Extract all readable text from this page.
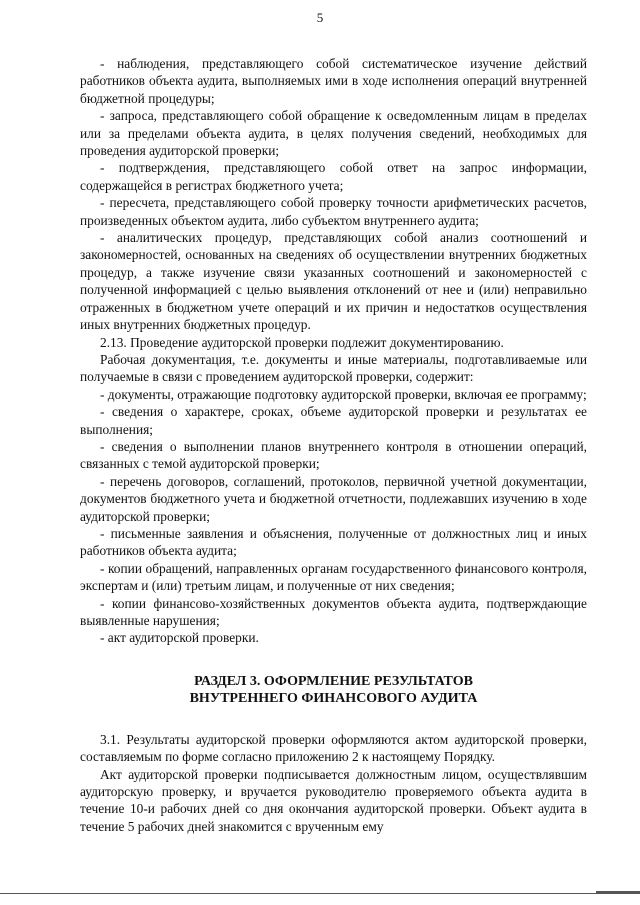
5

- наблюдения, представляющего собой систематическое изучение действий работников объекта аудита, выполняемых ими в ходе исполнения операций внутренней бюджетной процедуры;

- запроса, представляющего собой обращение к осведомленным лицам в пределах или за пределами объекта аудита, в целях получения сведений, необходимых для проведения аудиторской проверки;

- подтверждения, представляющего собой ответ на запрос информации, содержащейся в регистрах бюджетного учета;

- пересчета, представляющего собой проверку точности арифметических расчетов, произведенных объектом аудита, либо субъектом внутреннего аудита;

- аналитических процедур, представляющих собой анализ соотношений и закономерностей, основанных на сведениях об осуществлении внутренних бюджетных процедур, а также изучение связи указанных соотношений и закономерностей с полученной информацией с целью выявления отклонений от нее и (или) неправильно отраженных в бюджетном учете операций и их причин и недостатков осуществления иных внутренних бюджетных процедур.

2.13. Проведение аудиторской проверки подлежит документированию.

Рабочая документация, т.е. документы и иные материалы, подготавливаемые или получаемые в связи с проведением аудиторской проверки, содержит:

- документы, отражающие подготовку аудиторской проверки, включая ее программу;

- сведения о характере, сроках, объеме аудиторской проверки и результатах ее выполнения;

- сведения о выполнении планов внутреннего контроля в отношении операций, связанных с темой аудиторской проверки;

- перечень договоров, соглашений, протоколов, первичной учетной документации, документов бюджетного учета и бюджетной отчетности, подлежавших изучению в ходе аудиторской проверки;

- письменные заявления и объяснения, полученные от должностных лиц и иных работников объекта аудита;

- копии обращений, направленных органам государственного финансового контроля, экспертам и (или) третьим лицам, и полученные от них сведения;

- копии финансово-хозяйственных документов объекта аудита, подтверждающие выявленные нарушения;

- акт аудиторской проверки.

РАЗДЕЛ 3. ОФОРМЛЕНИЕ РЕЗУЛЬТАТОВ
ВНУТРЕННЕГО ФИНАНСОВОГО АУДИТА

3.1. Результаты аудиторской проверки оформляются актом аудиторской проверки, составляемым по форме согласно приложению 2 к настоящему Порядку.

Акт аудиторской проверки подписывается должностным лицом, осуществлявшим аудиторскую проверку, и вручается руководителю проверяемого объекта аудита в течение 10-и рабочих дней со дня окончания аудиторской проверки. Объект аудита в течение 5 рабочих дней знакомится с врученным ему
